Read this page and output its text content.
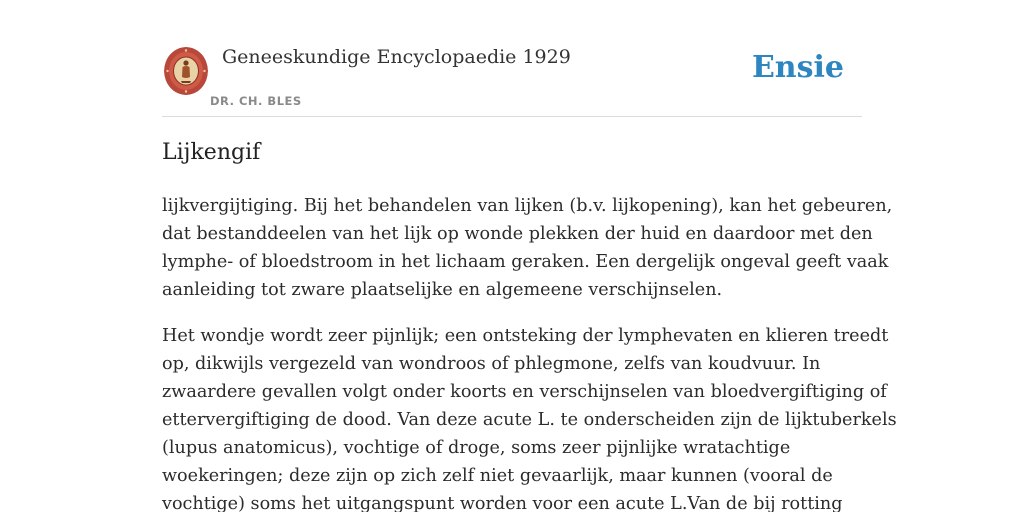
Geneeskundige Encyclopaedie 1929
DR. CH. BLES
Ensie
Lijkengif

lijkvergijtiging. Bij het behandelen van lijken (b.v. lijkopening), kan het gebeuren,
dat bestanddeelen van het lijk op wonde plekken der huid en daardoor met den
lymphe- of bloedstroom in het lichaam geraken. Een dergelijk ongeval geeft vaak
aanleiding tot zware plaatselijke en algemeene verschijnselen.

Het wondje wordt zeer pijnlijk; een ontsteking der lymphevaten en klieren treedt
op, dikwijls vergezeld van wondroos of phlegmone, zelfs van koudvuur. In
zwaardere gevallen volgt onder koorts en verschijnselen van bloedvergiftiging of
ettervergiftiging de dood. Van deze acute L. te onderscheiden zijn de lijktuberkels
(lupus anatomicus), vochtige of droge, soms zeer pijnlijke wratachtige
woekeringen; deze zijn op zich zelf niet gevaarlijk, maar kunnen (vooral de
vochtige) soms het uitgangspunt worden voor een acute L.Van de bij rotting
